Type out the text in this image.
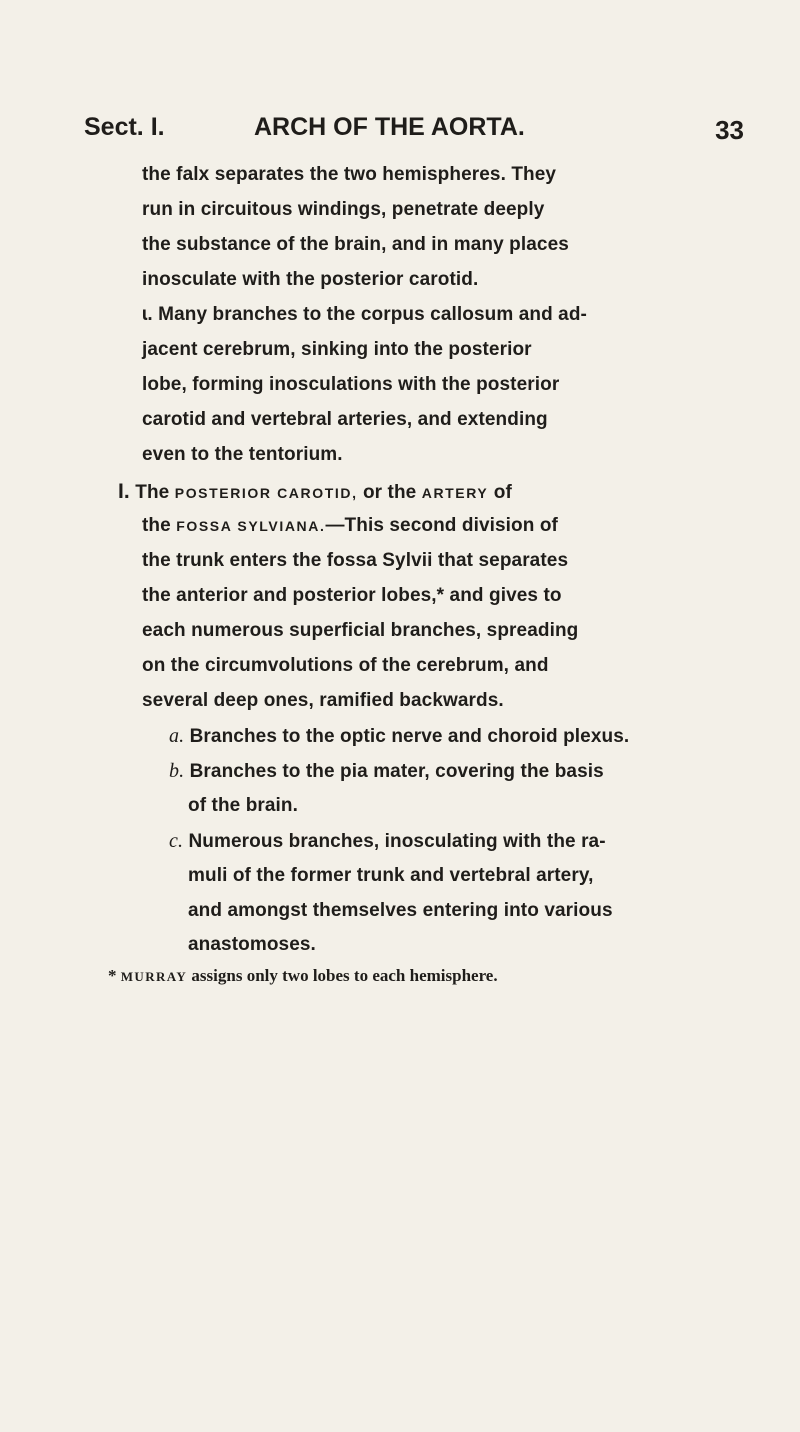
Sect. I.	ARCH OF THE AORTA.	33
the falx separates the two hemispheres. They
run in circuitous windings, penetrate deeply
the substance of the brain, and in many places
inosculate with the posterior carotid.
ɩ. Many branches to the corpus callosum and ad-
jacent cerebrum, sinking into the posterior
lobe, forming inosculations with the posterior
carotid and vertebral arteries, and extending
even to the tentorium.
I. The POSTERIOR CAROTID, or the ARTERY of
the FOSSA SYLVIANA.—This second division of
the trunk enters the fossa Sylvii that separates
the anterior and posterior lobes,* and gives to
each numerous superficial branches, spreading
on the circumvolutions of the cerebrum, and
several deep ones, ramified backwards.
a. Branches to the optic nerve and choroid plexus.
b. Branches to the pia mater, covering the basis
of the brain.
c. Numerous branches, inosculating with the ra-
muli of the former trunk and vertebral artery,
and amongst themselves entering into various
anastomoses.
* MURRAY assigns only two lobes to each hemisphere.
